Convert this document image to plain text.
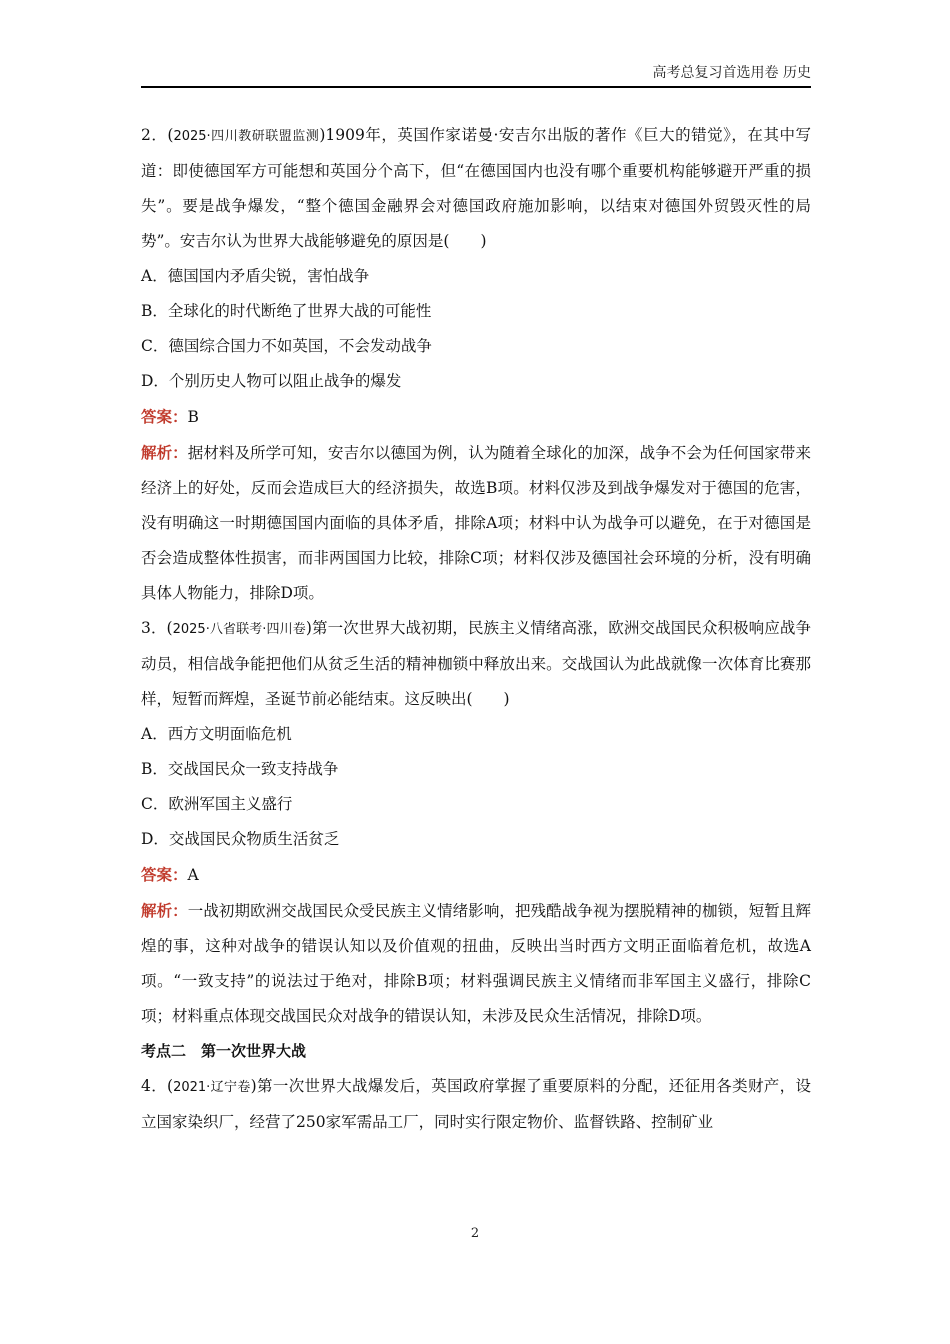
高考总复习首选用卷 历史

2．(2025·四川教研联盟监测)1909年，英国作家诺曼·安吉尔出版的著作《巨大的错觉》，在其中写道：即使德国军方可能想和英国分个高下，但“在德国国内也没有哪个重要机构能够避开严重的损失”。要是战争爆发，“整个德国金融界会对德国政府施加影响，以结束对德国外贸毁灭性的局势”。安吉尔认为世界大战能够避免的原因是(　　)

A．德国国内矛盾尖锐，害怕战争

B．全球化的时代断绝了世界大战的可能性

C．德国综合国力不如英国，不会发动战争

D．个别历史人物可以阻止战争的爆发

答案：B

解析：据材料及所学可知，安吉尔以德国为例，认为随着全球化的加深，战争不会为任何国家带来经济上的好处，反而会造成巨大的经济损失，故选B项。材料仅涉及到战争爆发对于德国的危害，没有明确这一时期德国国内面临的具体矛盾，排除A项；材料中认为战争可以避免，在于对德国是否会造成整体性损害，而非两国国力比较，排除C项；材料仅涉及德国社会环境的分析，没有明确具体人物能力，排除D项。

3．(2025·八省联考·四川卷)第一次世界大战初期，民族主义情绪高涨，欧洲交战国民众积极响应战争动员，相信战争能把他们从贫乏生活的精神枷锁中释放出来。交战国认为此战就像一次体育比赛那样，短暂而辉煌，圣诞节前必能结束。这反映出(　　)

A．西方文明面临危机

B．交战国民众一致支持战争

C．欧洲军国主义盛行

D．交战国民众物质生活贫乏

答案：A

解析：一战初期欧洲交战国民众受民族主义情绪影响，把残酷战争视为摆脱精神的枷锁，短暂且辉煌的事，这种对战争的错误认知以及价值观的扭曲，反映出当时西方文明正面临着危机，故选A项。“一致支持”的说法过于绝对，排除B项；材料强调民族主义情绪而非军国主义盛行，排除C项；材料重点体现交战国民众对战争的错误认知，未涉及民众生活情况，排除D项。

考点二　第一次世界大战

4．(2021·辽宁卷)第一次世界大战爆发后，英国政府掌握了重要原料的分配，还征用各类财产，设立国家染织厂，经营了250家军需品工厂，同时实行限定物价、监督铁路、控制矿业

2
